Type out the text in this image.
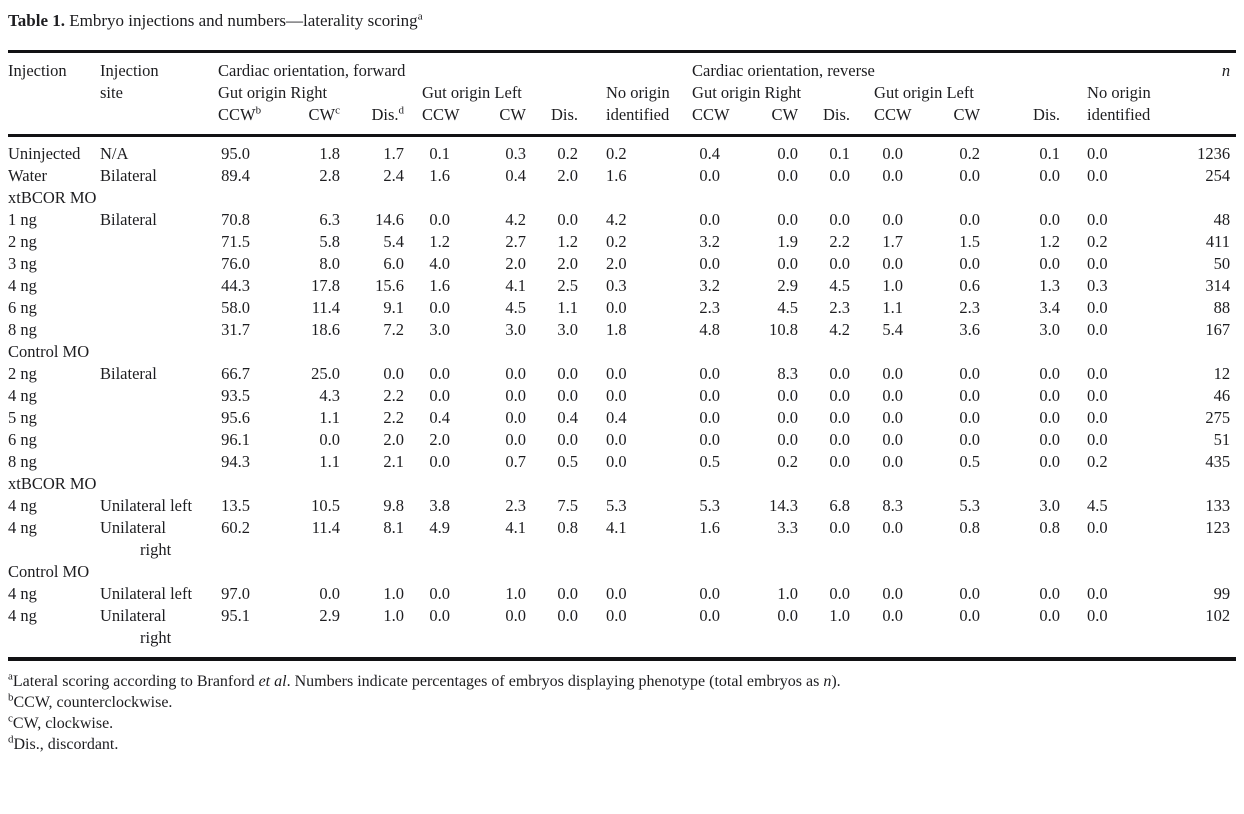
Table 1. Embryo injections and numbers—laterality scoring$^a$
Injection	Injection site	Cardiac orientation, forward							Cardiac orientation, reverse							n
		Gut origin Right			Gut origin Left			No origin identified	Gut origin Right			Gut origin Left			No origin identified	

		CCW$^b$	$CW^c$	Dis.$^d$	CCW	CW	Dis.		CCW	CW	Dis.	CCW	CW	Dis.		
Uninjected	N/A	95.0	1.8	1.7	0.1	0.3	0.2	0.2	0.4	0.0	0.1	0.0	0.2	0.1	0.0	1236
Water	Bilateral	89.4	2.8	2.4	1.6	0.4	2.0	1.6	0.0	0.0	0.0	0.0	0.0	0.0	0.0	254
xtBCOR MO																
1 ng	Bilateral	70.8	6.3	14.6	0.0	4.2	0.0	4.2	0.0	0.0	0.0	0.0	0.0	0.0	0.0	48
2 ng		71.5	5.8	5.4	1.2	2.7	1.2	0.2	3.2	1.9	2.2	1.7	1.5	1.2	0.2	411
3 ng		76.0	8.0	6.0	4.0	2.0	2.0	2.0	0.0	0.0	0.0	0.0	0.0	0.0	0.0	50
4 ng		44.3	17.8	15.6	1.6	4.1	2.5	0.3	3.2	2.9	4.5	1.0	0.6	1.3	0.3	314
6 ng		58.0	11.4	9.1	0.0	4.5	1.1	0.0	2.3	4.5	2.3	1.1	2.3	3.4	0.0	88
8 ng		31.7	18.6	7.2	3.0	3.0	3.0	1.8	4.8	10.8	4.2	5.4	3.6	3.0	0.0	167
Control MO																
2 ng	Bilateral	66.7	25.0	0.0	0.0	0.0	0.0	0.0	0.0	8.3	0.0	0.0	0.0	0.0	0.0	12
4 ng		93.5	4.3	2.2	0.0	0.0	0.0	0.0	0.0	0.0	0.0	0.0	0.0	0.0	0.0	46
5 ng		95.6	1.1	2.2	0.4	0.0	0.4	0.4	0.0	0.0	0.0	0.0	0.0	0.0	0.0	275
6 ng		96.1	0.0	2.0	2.0	0.0	0.0	0.0	0.0	0.0	0.0	0.0	0.0	0.0	0.0	51
8 ng		94.3	1.1	2.1	0.0	0.7	0.5	0.0	0.5	0.2	0.0	0.0	0.5	0.0	0.2	435
xtBCOR MO																
4 ng	Unilateral left	13.5	10.5	9.8	3.8	2.3	7.5	5.3	5.3	14.3	6.8	8.3	5.3	3.0	4.5	133
4 ng	Unilateral right	60.2	11.4	8.1	4.9	4.1	0.8	4.1	1.6	3.3	0.0	0.0	0.8	0.8	0.0	123
Control MO																
4 ng	Unilateral left	97.0	0.0	1.0	0.0	1.0	0.0	0.0	0.0	1.0	0.0	0.0	0.0	0.0	0.0	99
4 ng	Unilateral right	95.1	2.9	1.0	0.0	0.0	0.0	0.0	0.0	0.0	1.0	0.0	0.0	0.0	0.0	102
$^a$Lateral scoring according to Branford et al. Numbers indicate percentages of embryos displaying phenotype (total embryos as n).
$^b$CCW, counterclockwise.
$^c$CW, clockwise.
$^d$Dis., discordant.
